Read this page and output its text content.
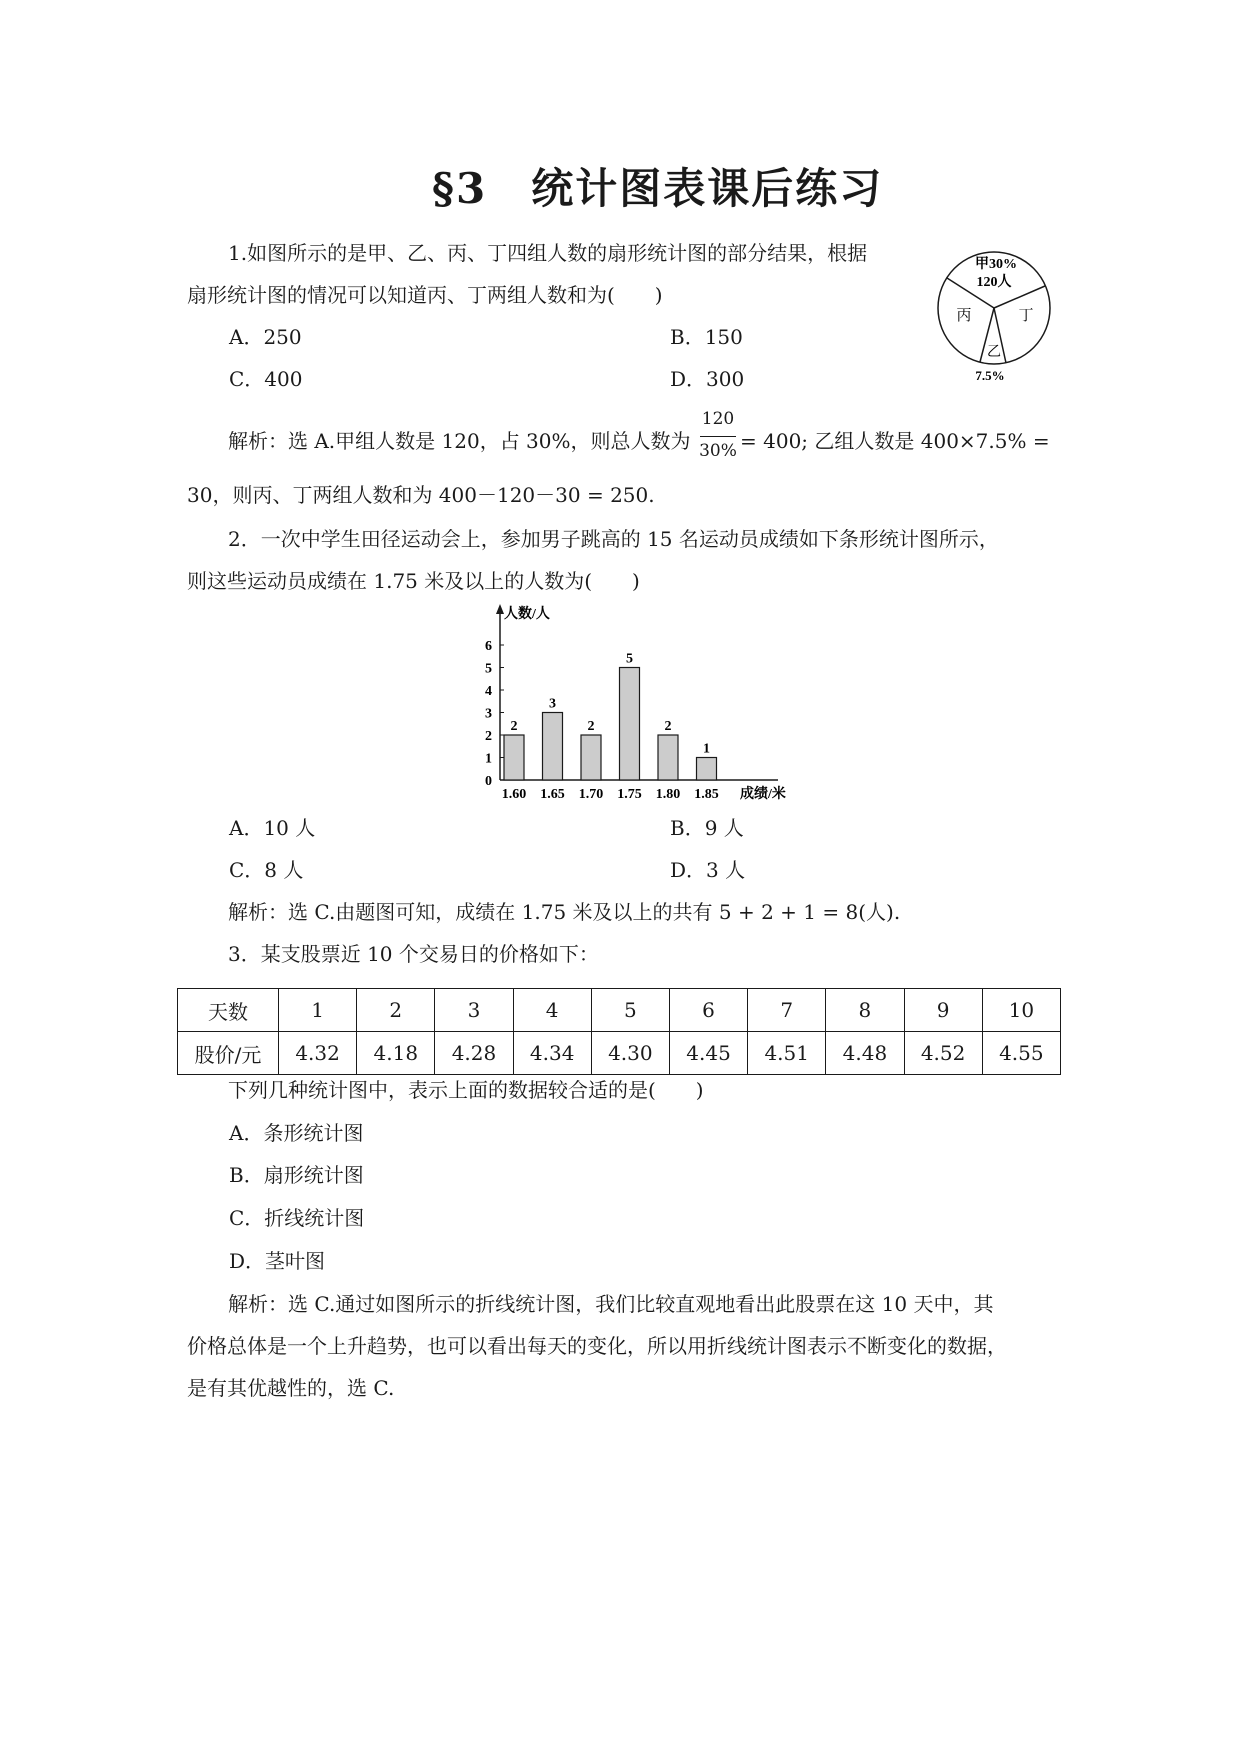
§3　统计图表课后练习
1.如图所示的是甲、乙、丙、丁四组人数的扇形统计图的部分结果，根据
扇形统计图的情况可以知道丙、丁两组人数和为(　　)
A．250	B．150
C．400	D．300
甲30%
120人
丙	丁
乙
7.5%
解析：选 A.甲组人数是 120，占 30%，则总人数为
120
30% = 400; 乙组人数是 400×7.5% =
30，则丙、丁两组人数和为 400－120－30 = 250.
2．一次中学生田径运动会上，参加男子跳高的 15 名运动员成绩如下条形统计图所示，
则这些运动员成绩在 1.75 米及以上的人数为(　　)
0
1
2
3
4
5
6
人数/人
2
1.60
3
1.65
2
1.70
5
1.75
2
1.80
1
1.85 成绩/米
A．10 人	B．9 人
C．8 人	D．3 人
解析：选 C.由题图可知，成绩在 1.75 米及以上的共有 5 + 2 + 1 = 8(人).
3．某支股票近 10 个交易日的价格如下：
天数	1	2	3	4	5	6	7	8	9	10
股价/元	4.32	4.18	4.28	4.34	4.30	4.45	4.51	4.48	4.52	4.55
下列几种统计图中，表示上面的数据较合适的是(　　)
A．条形统计图
B．扇形统计图
C．折线统计图
D．茎叶图
解析：选 C.通过如图所示的折线统计图，我们比较直观地看出此股票在这 10 天中，其
价格总体是一个上升趋势，也可以看出每天的变化，所以用折线统计图表示不断变化的数据，
是有其优越性的，选 C.
